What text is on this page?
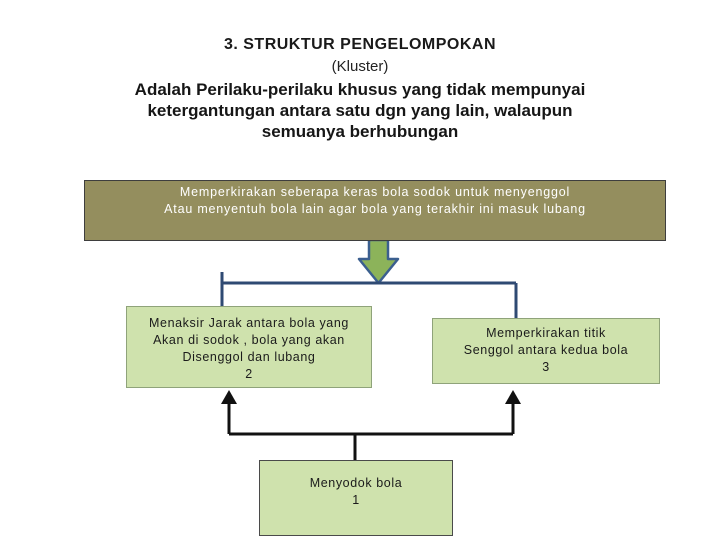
3. STRUKTUR PENGELOMPOKAN
(Kluster)
Adalah Perilaku-perilaku khusus yang tidak mempunyai
ketergantungan antara satu dgn yang lain, walaupun
semuanya berhubungan
Memperkirakan seberapa keras bola sodok untuk menyenggol
Atau menyentuh bola lain agar bola yang terakhir ini masuk lubang
Menaksir Jarak antara bola yang
Akan di sodok , bola yang akan
Disenggol dan lubang
2
Memperkirakan titik
Senggol antara kedua bola
3
Menyodok bola
1
